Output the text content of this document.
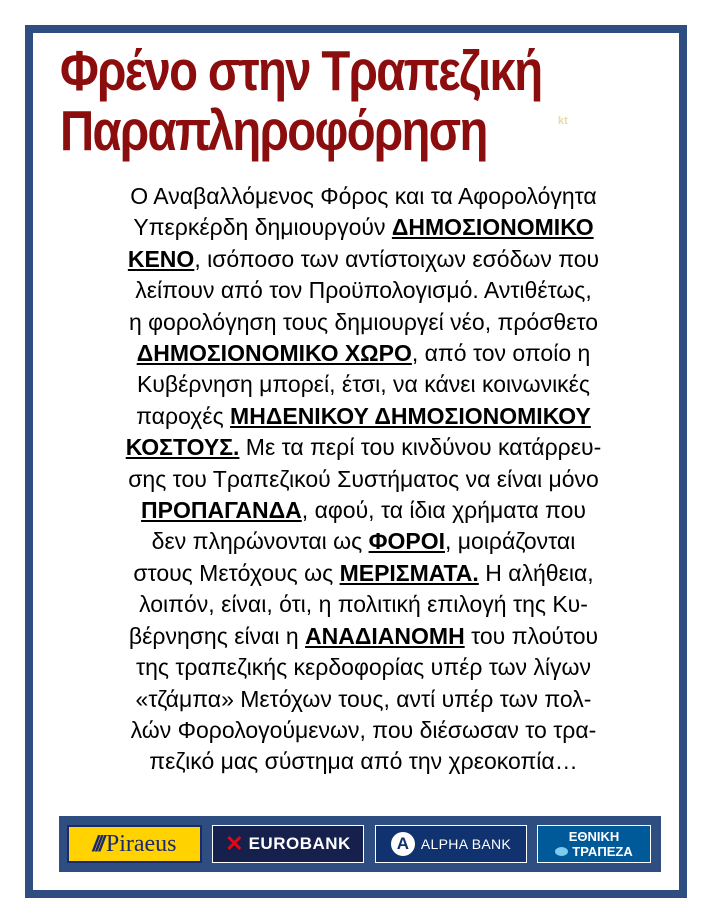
Φρένο στην Τραπεζική
Παραπληροφόρηση	kt
Ο Αναβαλλόμενος Φόρος και τα Αφορολόγητα
Υπερκέρδη δημιουργούν ΔΗΜΟΣΙΟΝΟΜΙΚΟ
ΚΕΝΟ, ισόποσο των αντίστοιχων εσόδων που
λείπουν από τον Προϋπολογισμό. Αντιθέτως,
η φορολόγηση τους δημιουργεί νέο, πρόσθετο
ΔΗΜΟΣΙΟΝΟΜΙΚΟ ΧΩΡΟ, από τον οποίο η
Κυβέρνηση μπορεί, έτσι, να κάνει κοινωνικές
παροχές ΜΗΔΕΝΙΚΟΥ ΔΗΜΟΣΙΟΝΟΜΙΚΟΥ
ΚΟΣΤΟΥΣ. Με τα περί του κινδύνου κατάρρευ-
σης του Τραπεζικού Συστήματος να είναι μόνο
ΠΡΟΠΑΓΑΝΔΑ, αφού, τα ίδια χρήματα που
δεν πληρώνονται ως ΦΟΡΟΙ, μοιράζονται
στους Μετόχους ως ΜΕΡΙΣΜΑΤΑ. Η αλήθεια,
λοιπόν, είναι, ότι, η πολιτική επιλογή της Κυ-
βέρνησης είναι η ΑΝΑΔΙΑΝΟΜΗ του πλούτου
της τραπεζικής κερδοφορίας υπέρ των λίγων
«τζάμπα» Μετόχων τους, αντί υπέρ των πολ-
λών Φορολογούμενων, που διέσωσαν το τρα-
πεζικό μας σύστημα από την χρεοκοπία…
/// Piraeus ✕ EUROBANK	Α ALPHA BANK	ΕΘΝΙΚΗ
ΤΡΑΠΕΖΑ
